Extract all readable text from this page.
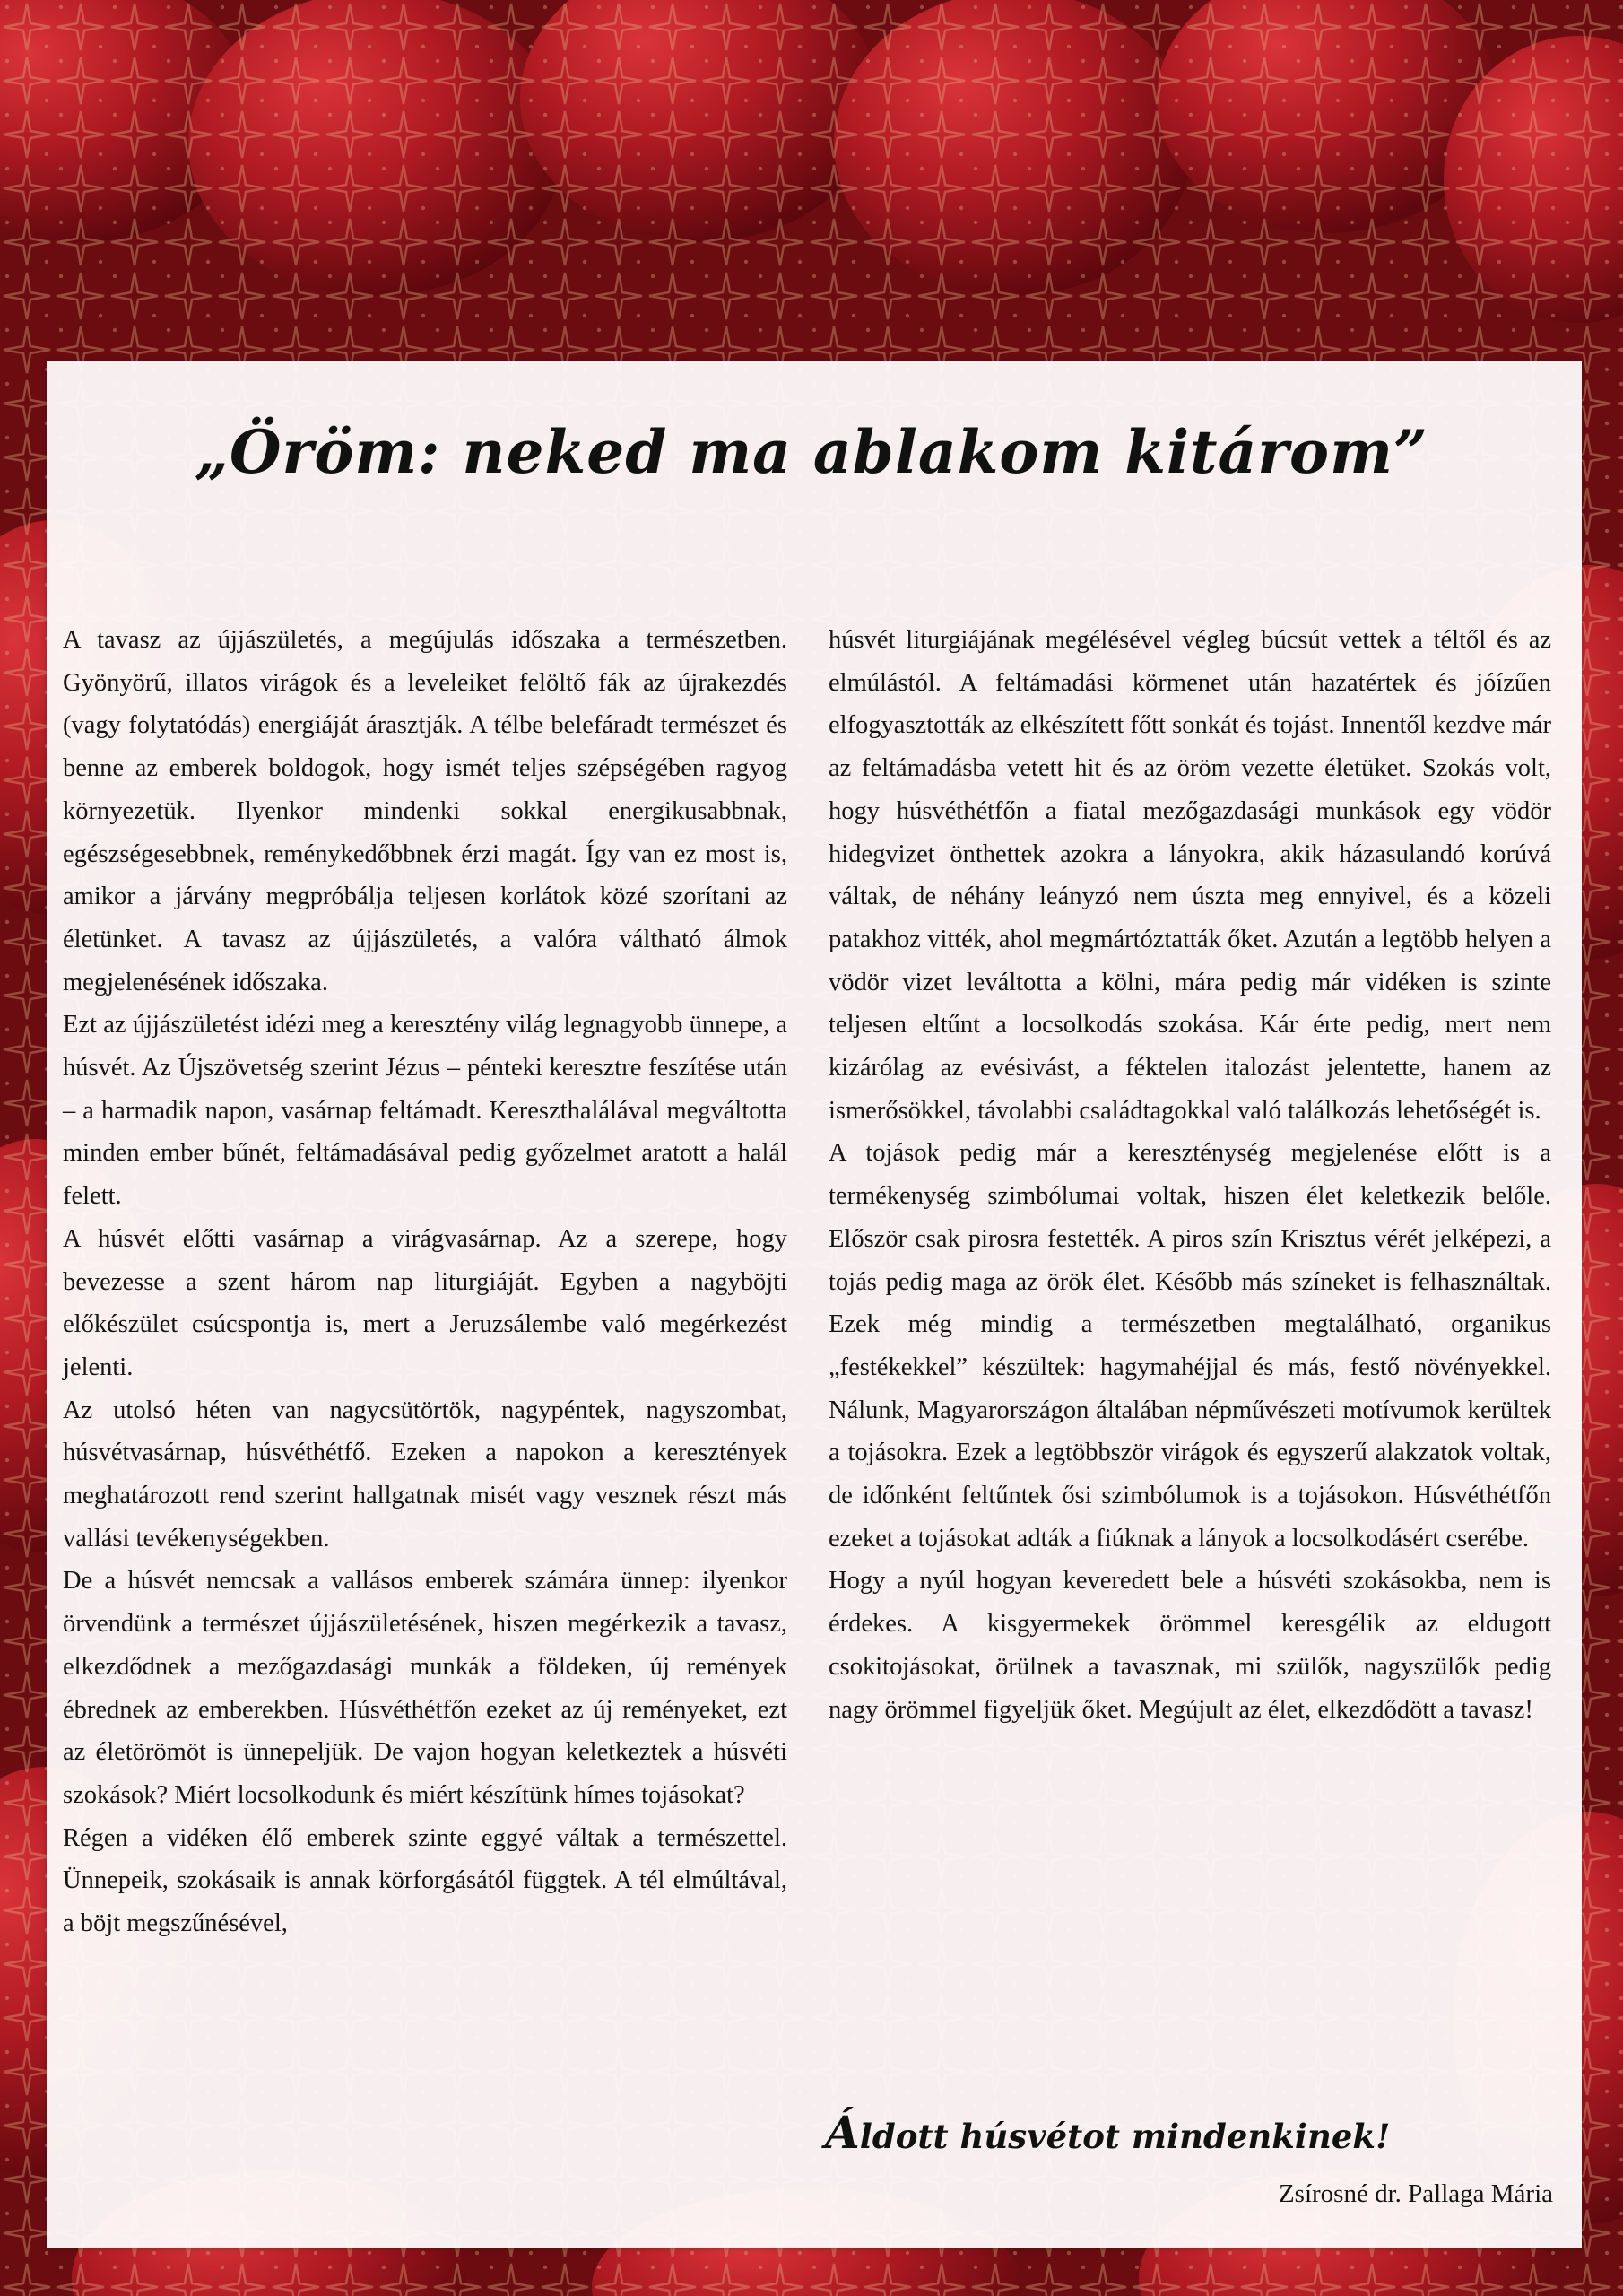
„Öröm: neked ma ablakom kitárom”

A tavasz az újjászületés, a megújulás időszaka a természetben. Gyönyörű, illatos virágok és a leveleiket felöltő fák az újrakezdés (vagy folytatódás) energiáját árasztják. A télbe belefáradt természet és benne az emberek boldogok, hogy ismét teljes szépségében ragyog környezetük. Ilyenkor mindenki sokkal energikusabbnak, egészségesebbnek, reménykedőbbnek érzi magát. Így van ez most is, amikor a járvány megpróbálja teljesen korlátok közé szorítani az életünket. A tavasz az újjászületés, a valóra váltható álmok megjelenésének időszaka.

Ezt az újjászületést idézi meg a keresztény világ legnagyobb ünnepe, a húsvét. Az Újszövetség szerint Jézus – pénteki keresztre feszítése után – a harmadik napon, vasárnap feltámadt. Kereszthalálával megváltotta minden ember bűnét, feltámadásával pedig győzelmet aratott a halál felett.

A húsvét előtti vasárnap a virágvasárnap. Az a szerepe, hogy bevezesse a szent három nap liturgiáját. Egyben a nagyböjti előkészület csúcspontja is, mert a Jeruzsálembe való megérkezést jelenti.

Az utolsó héten van nagycsütörtök, nagypéntek, nagyszombat, húsvétvasárnap, húsvéthétfő. Ezeken a napokon a keresztények meghatározott rend szerint hallgatnak misét vagy vesznek részt más vallási tevékenységekben.

De a húsvét nemcsak a vallásos emberek számára ünnep: ilyenkor örvendünk a természet újjászületésének, hiszen megérkezik a tavasz, elkezdődnek a mezőgazdasági munkák a földeken, új remények ébrednek az emberekben. Húsvéthétfőn ezeket az új reményeket, ezt az életörömöt is ünnepeljük. De vajon hogyan keletkeztek a húsvéti szokások? Miért locsolkodunk és miért készítünk hímes tojásokat?

Régen a vidéken élő emberek szinte eggyé váltak a természettel. Ünnepeik, szokásaik is annak körforgásától függtek. A tél elmúltával, a böjt megszűnésével,

húsvét liturgiájának megélésével végleg búcsút vettek a téltől és az elmúlástól. A feltámadási körmenet után hazatértek és jóízűen elfogyasztották az elkészített főtt sonkát és tojást. Innentől kezdve már az feltámadásba vetett hit és az öröm vezette életüket. Szokás volt, hogy húsvéthétfőn a fiatal mezőgazdasági munkások egy vödör hidegvizet önthettek azokra a lányokra, akik házasulandó korúvá váltak, de néhány leányzó nem úszta meg ennyivel, és a közeli patakhoz vitték, ahol megmártóztatták őket. Azután a legtöbb helyen a vödör vizet leváltotta a kölni, mára pedig már vidéken is szinte teljesen eltűnt a locsolkodás szokása. Kár érte pedig, mert nem kizárólag az evésivást, a féktelen italozást jelentette, hanem az ismerősökkel, távolabbi családtagokkal való találkozás lehetőségét is.

A tojások pedig már a kereszténység megjelenése előtt is a termékenység szimbólumai voltak, hiszen élet keletkezik belőle. Először csak pirosra festették. A piros szín Krisztus vérét jelképezi, a tojás pedig maga az örök élet. Később más színeket is felhasználtak. Ezek még mindig a természetben megtalálható, organikus „festékekkel” készültek: hagymahéjjal és más, festő növényekkel. Nálunk, Magyarországon általában népművészeti motívumok kerültek a tojásokra. Ezek a legtöbbször virágok és egyszerű alakzatok voltak, de időnként feltűntek ősi szimbólumok is a tojásokon. Húsvéthétfőn ezeket a tojásokat adták a fiúknak a lányok a locsolkodásért cserébe.

Hogy a nyúl hogyan keveredett bele a húsvéti szokásokba, nem is érdekes. A kisgyermekek örömmel keresgélik az eldugott csokitojásokat, örülnek a tavasznak, mi szülők, nagyszülők pedig nagy örömmel figyeljük őket. Megújult az élet, elkezdődött a tavasz!

Áldott húsvétot mindenkinek!

Zsírosné dr. Pallaga Mária
